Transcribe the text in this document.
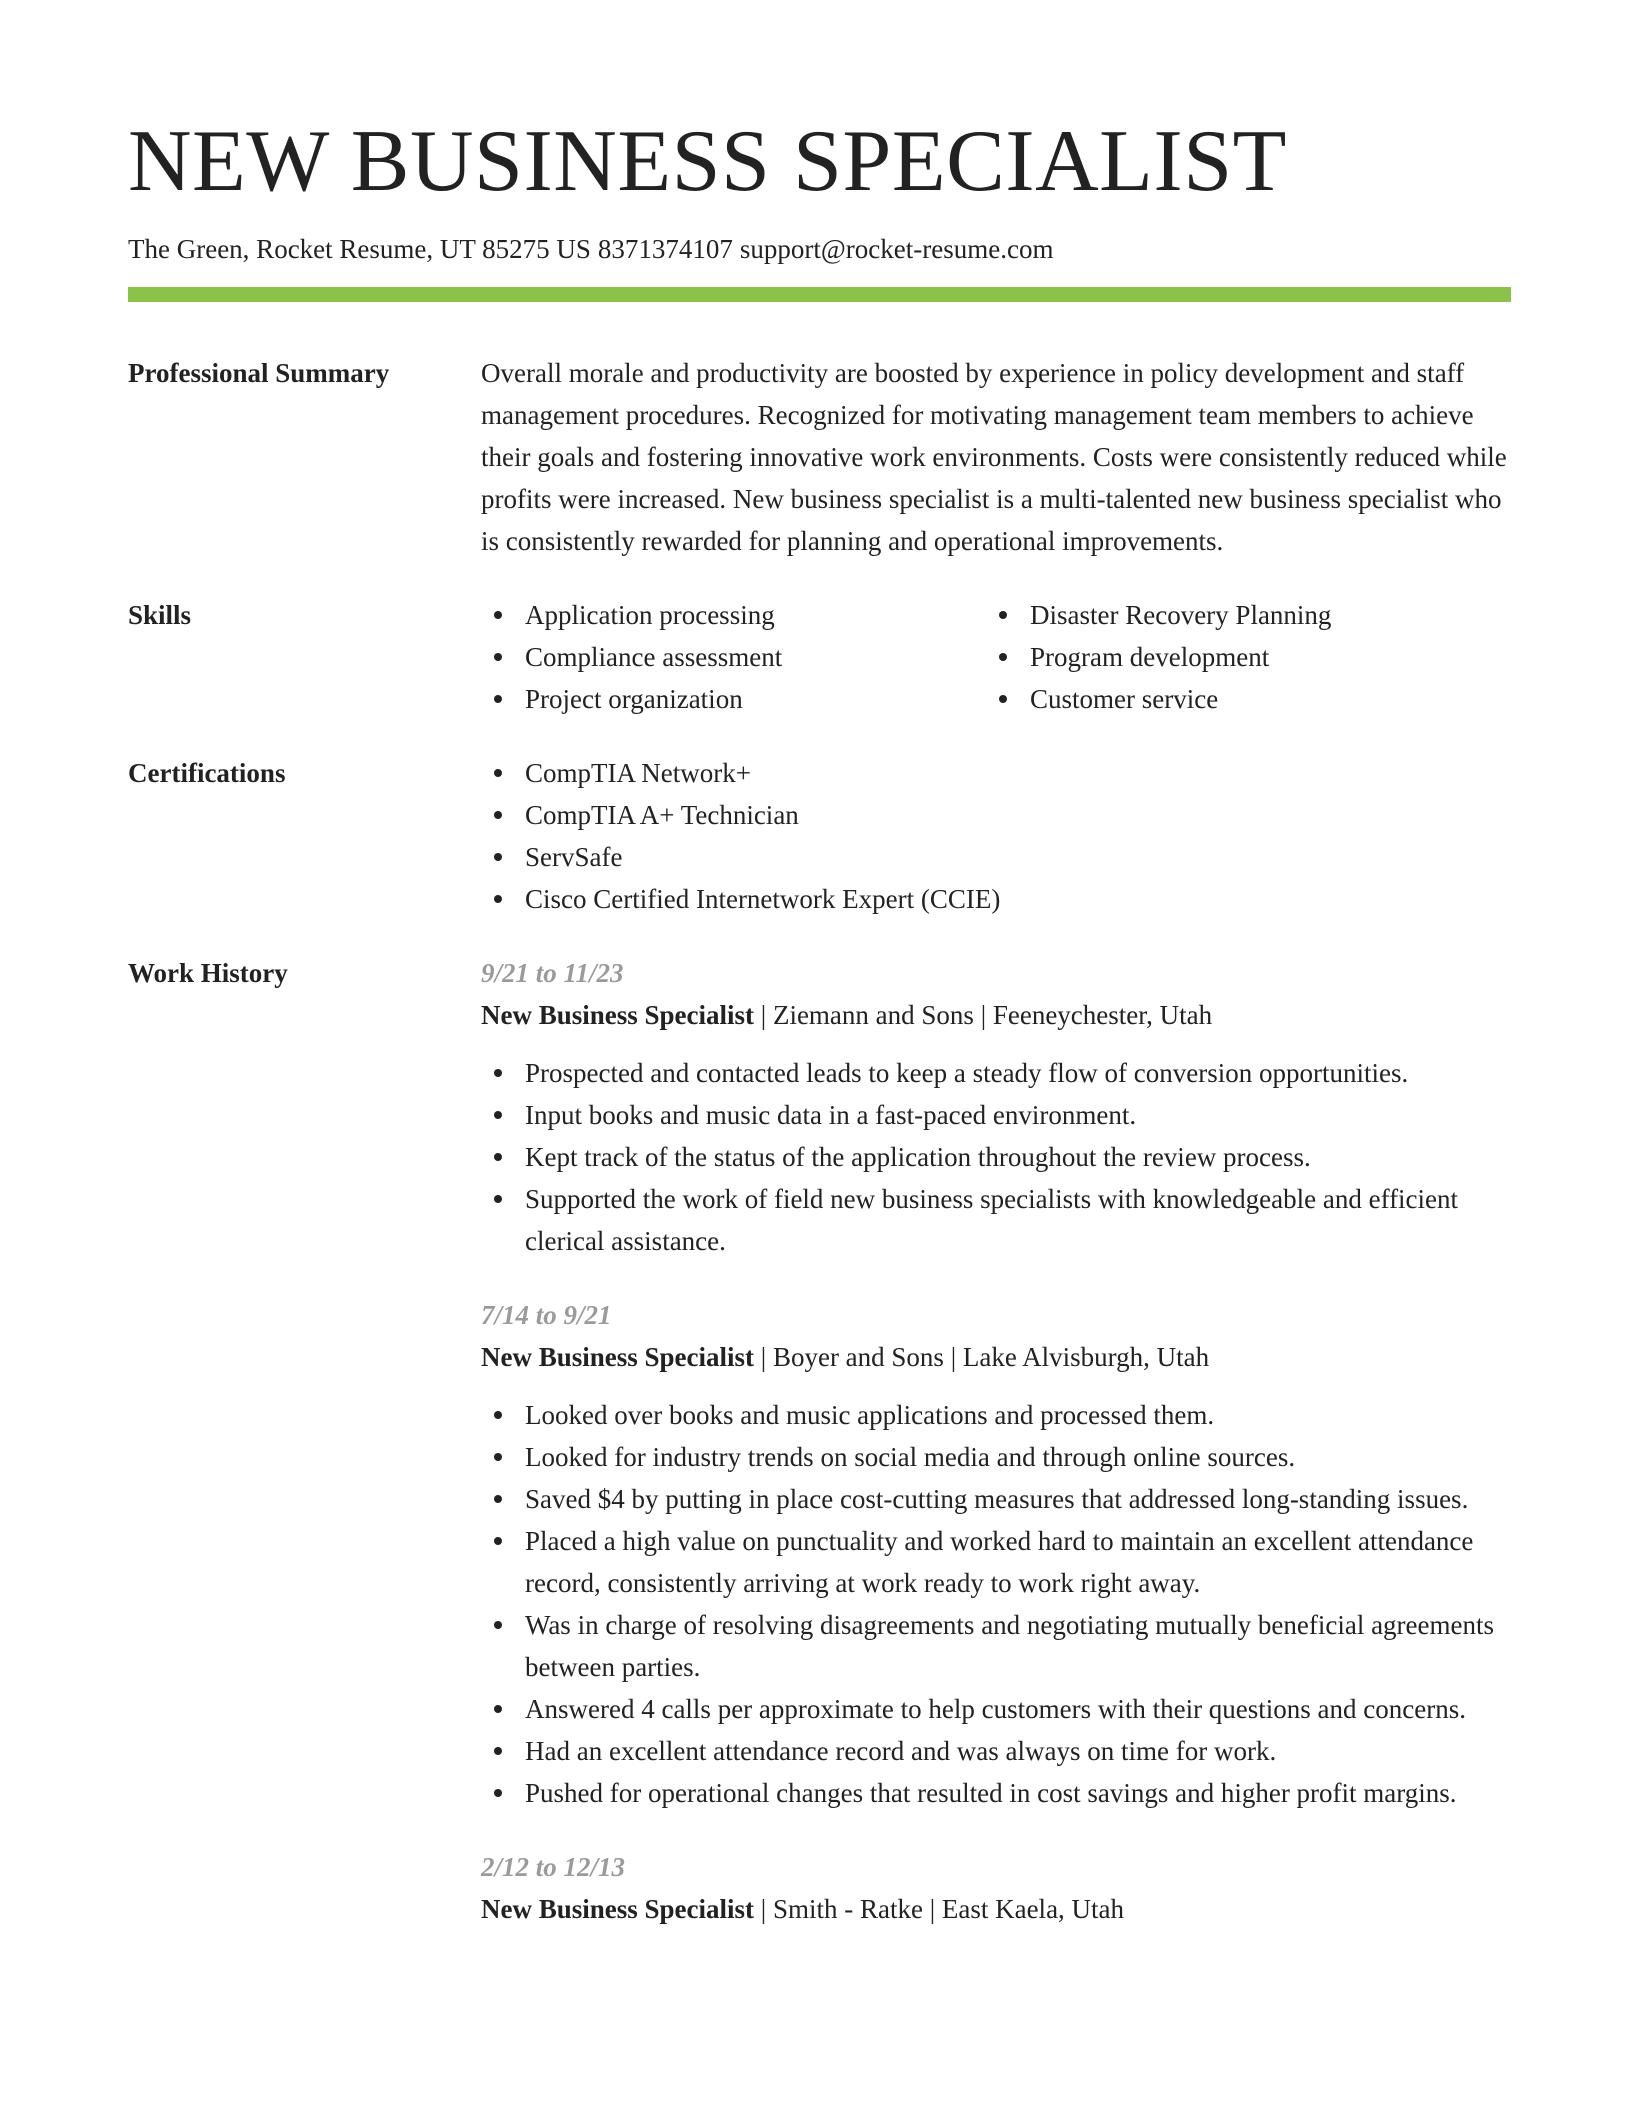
NEW BUSINESS SPECIALIST
The Green, Rocket Resume, UT 85275 US 8371374107 support@rocket-resume.com
Professional Summary	Overall morale and productivity are boosted by experience in policy development and staff management procedures. Recognized for motivating management team members to achieve their goals and fostering innovative work environments. Costs were consistently reduced while profits were increased. New business specialist is a multi-talented new business specialist who is consistently rewarded for planning and operational improvements.

Skills	Application processing
Compliance assessment
Project organization
Disaster Recovery Planning
Program development
Customer service
Certifications	CompTIA Network+
CompTIA A+ Technician
ServSafe
Cisco Certified Internetwork Expert (CCIE)
Work History	9/21 to 11/23
New Business Specialist | Ziemann and Sons | Feeneychester, Utah
Prospected and contacted leads to keep a steady flow of conversion opportunities.
Input books and music data in a fast-paced environment.
Kept track of the status of the application throughout the review process.
Supported the work of field new business specialists with knowledgeable and efficient clerical assistance.
7/14 to 9/21
New Business Specialist | Boyer and Sons | Lake Alvisburgh, Utah
Looked over books and music applications and processed them.
Looked for industry trends on social media and through online sources.
Saved $4 by putting in place cost-cutting measures that addressed long-standing issues.
Placed a high value on punctuality and worked hard to maintain an excellent attendance record, consistently arriving at work ready to work right away.
Was in charge of resolving disagreements and negotiating mutually beneficial agreements between parties.
Answered 4 calls per approximate to help customers with their questions and concerns.
Had an excellent attendance record and was always on time for work.
Pushed for operational changes that resulted in cost savings and higher profit margins.
2/12 to 12/13
New Business Specialist | Smith - Ratke | East Kaela, Utah
